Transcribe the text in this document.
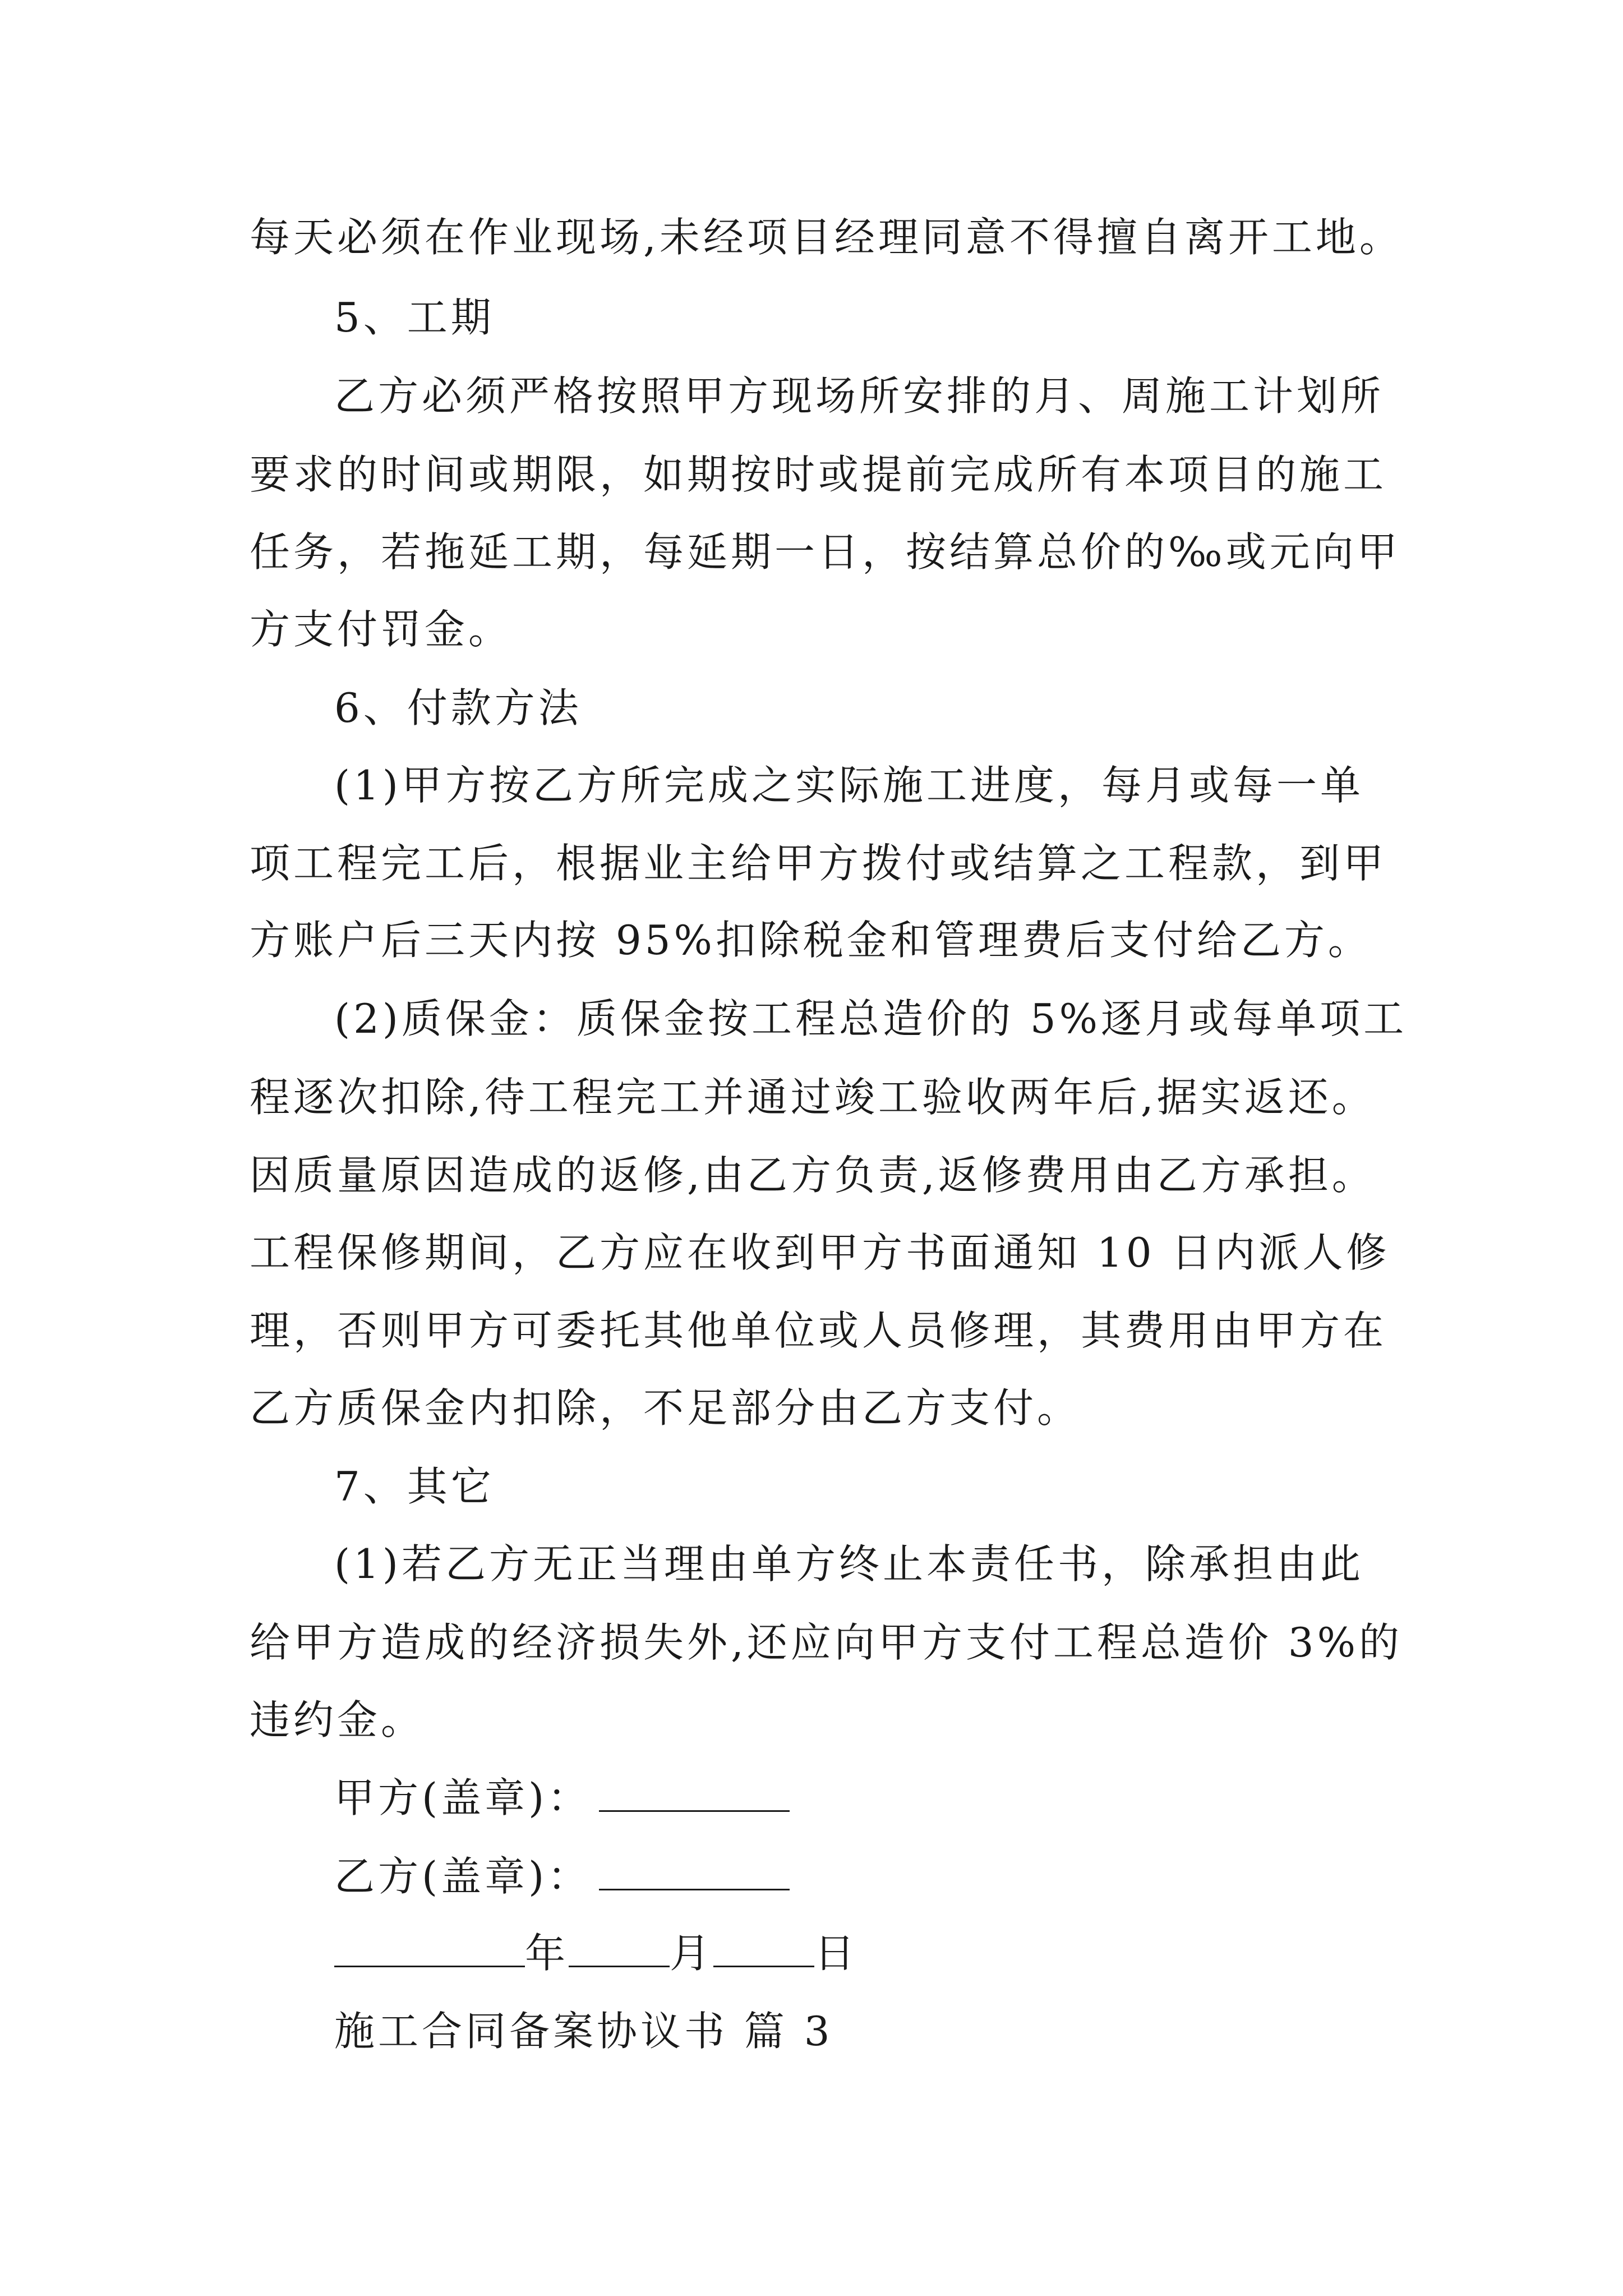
每天必须在作业现场,未经项目经理同意不得擅自离开工地。
5、工期
乙方必须严格按照甲方现场所安排的月、周施工计划所
要求的时间或期限，如期按时或提前完成所有本项目的施工
任务，若拖延工期，每延期一日，按结算总价的‰或元向甲
方支付罚金。
6、付款方法
(1)甲方按乙方所完成之实际施工进度，每月或每一单
项工程完工后，根据业主给甲方拨付或结算之工程款，到甲
方账户后三天内按 95%扣除税金和管理费后支付给乙方。
(2)质保金：质保金按工程总造价的 5%逐月或每单项工
程逐次扣除,待工程完工并通过竣工验收两年后,据实返还。
因质量原因造成的返修,由乙方负责,返修费用由乙方承担。
工程保修期间，乙方应在收到甲方书面通知 10 日内派人修
理，否则甲方可委托其他单位或人员修理，其费用由甲方在
乙方质保金内扣除，不足部分由乙方支付。
7、其它
(1)若乙方无正当理由单方终止本责任书，除承担由此
给甲方造成的经济损失外,还应向甲方支付工程总造价 3%的
违约金。
甲方(盖章)：
乙方(盖章)：
年	月	日
施工合同备案协议书 篇 3
